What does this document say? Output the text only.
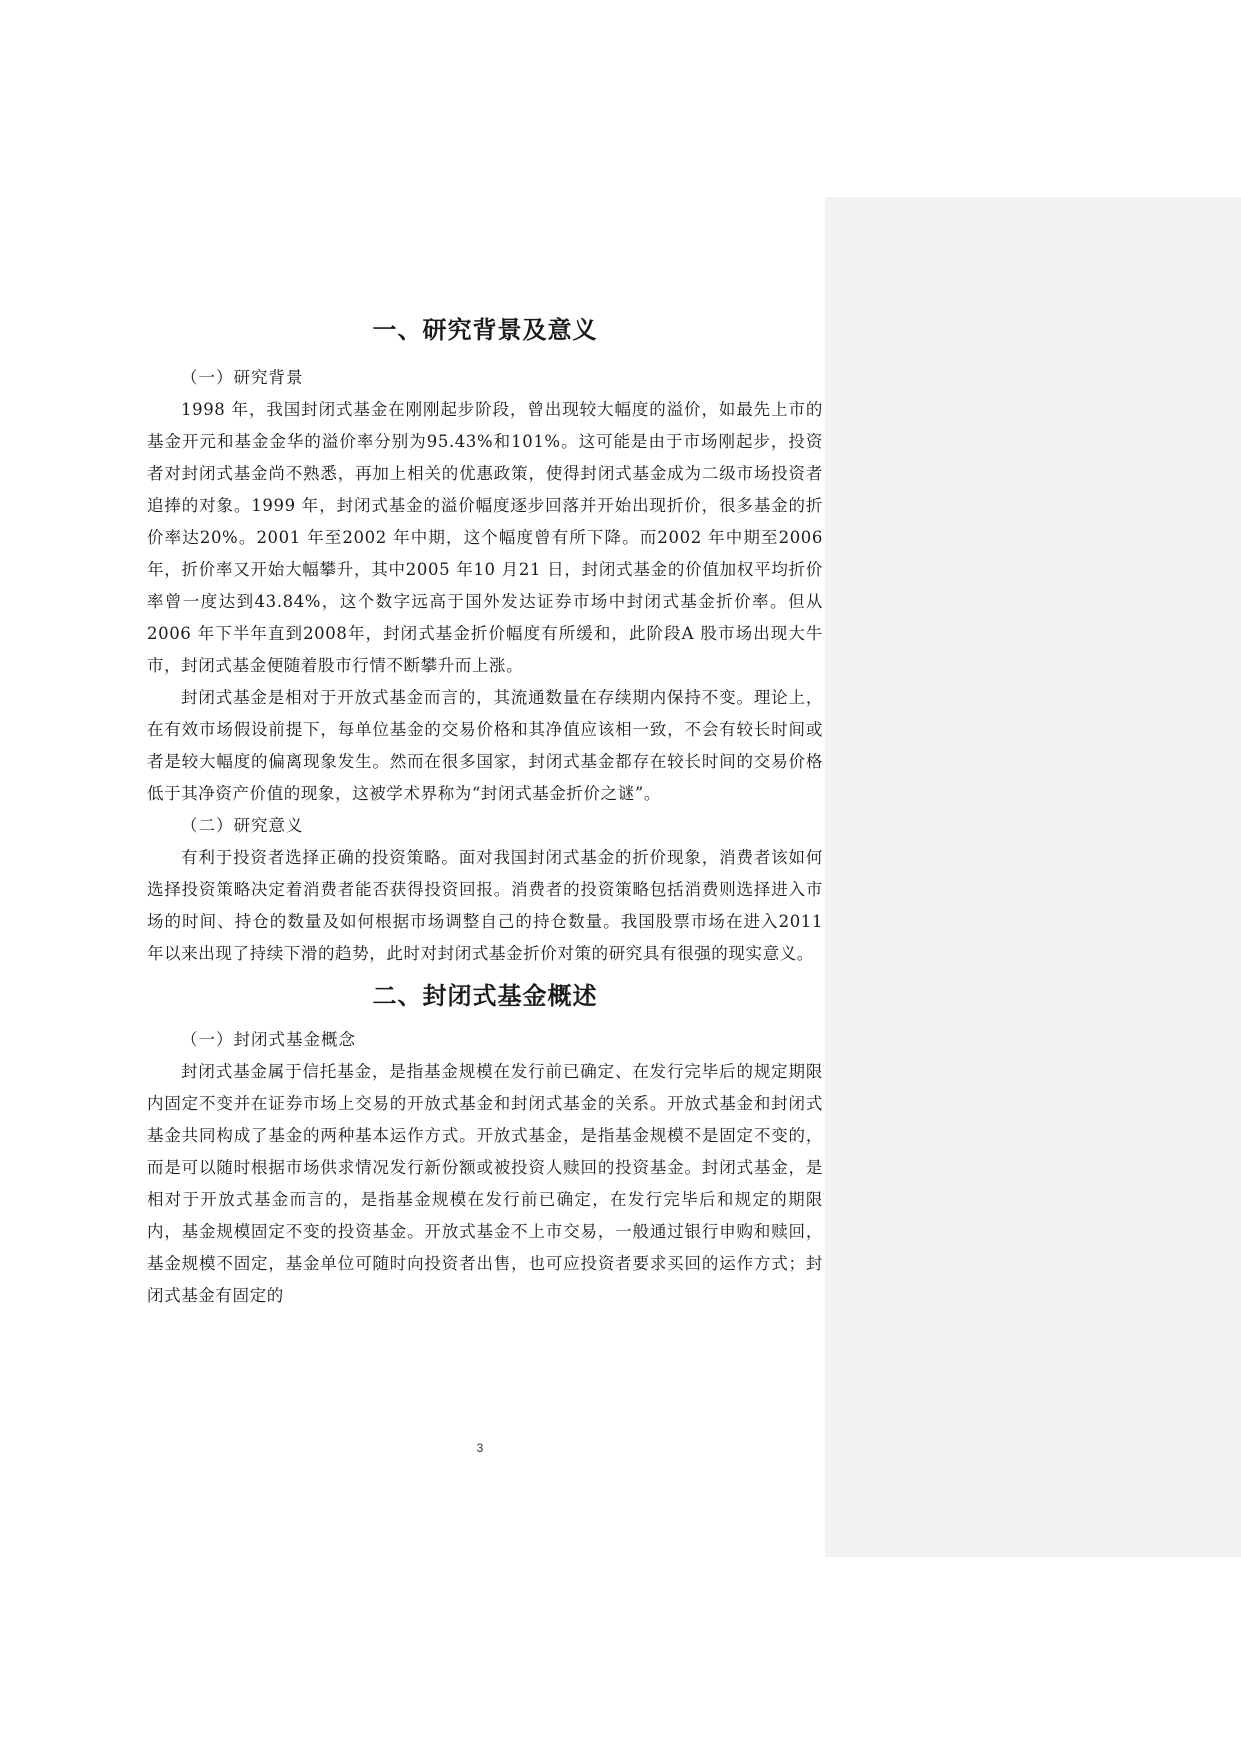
一、研究背景及意义

（一）研究背景

1998 年，我国封闭式基金在刚刚起步阶段，曾出现较大幅度的溢价，如最先上市的基金开元和基金金华的溢价率分别为95.43%和101%。这可能是由于市场刚起步，投资者对封闭式基金尚不熟悉，再加上相关的优惠政策，使得封闭式基金成为二级市场投资者追捧的对象。1999 年，封闭式基金的溢价幅度逐步回落并开始出现折价，很多基金的折价率达20%。2001 年至2002 年中期，这个幅度曾有所下降。而2002 年中期至2006 年，折价率又开始大幅攀升，其中2005 年10 月21 日，封闭式基金的价值加权平均折价率曾一度达到43.84%，这个数字远高于国外发达证券市场中封闭式基金折价率。但从2006 年下半年直到2008年，封闭式基金折价幅度有所缓和，此阶段A 股市场出现大牛市，封闭式基金便随着股市行情不断攀升而上涨。

封闭式基金是相对于开放式基金而言的，其流通数量在存续期内保持不变。理论上，在有效市场假设前提下，每单位基金的交易价格和其净值应该相一致，不会有较长时间或者是较大幅度的偏离现象发生。然而在很多国家，封闭式基金都存在较长时间的交易价格低于其净资产价值的现象，这被学术界称为“封闭式基金折价之谜”。

（二）研究意义

有利于投资者选择正确的投资策略。面对我国封闭式基金的折价现象，消费者该如何选择投资策略决定着消费者能否获得投资回报。消费者的投资策略包括消费则选择进入市场的时间、持仓的数量及如何根据市场调整自己的持仓数量。我国股票市场在进入2011年以来出现了持续下滑的趋势，此时对封闭式基金折价对策的研究具有很强的现实意义。

二、封闭式基金概述

（一）封闭式基金概念

封闭式基金属于信托基金，是指基金规模在发行前已确定、在发行完毕后的规定期限内固定不变并在证券市场上交易的开放式基金和封闭式基金的关系。开放式基金和封闭式基金共同构成了基金的两种基本运作方式。开放式基金，是指基金规模不是固定不变的，而是可以随时根据市场供求情况发行新份额或被投资人赎回的投资基金。封闭式基金，是相对于开放式基金而言的，是指基金规模在发行前已确定，在发行完毕后和规定的期限内，基金规模固定不变的投资基金。开放式基金不上市交易，一般通过银行申购和赎回，基金规模不固定，基金单位可随时向投资者出售，也可应投资者要求买回的运作方式；封闭式基金有固定的

3
